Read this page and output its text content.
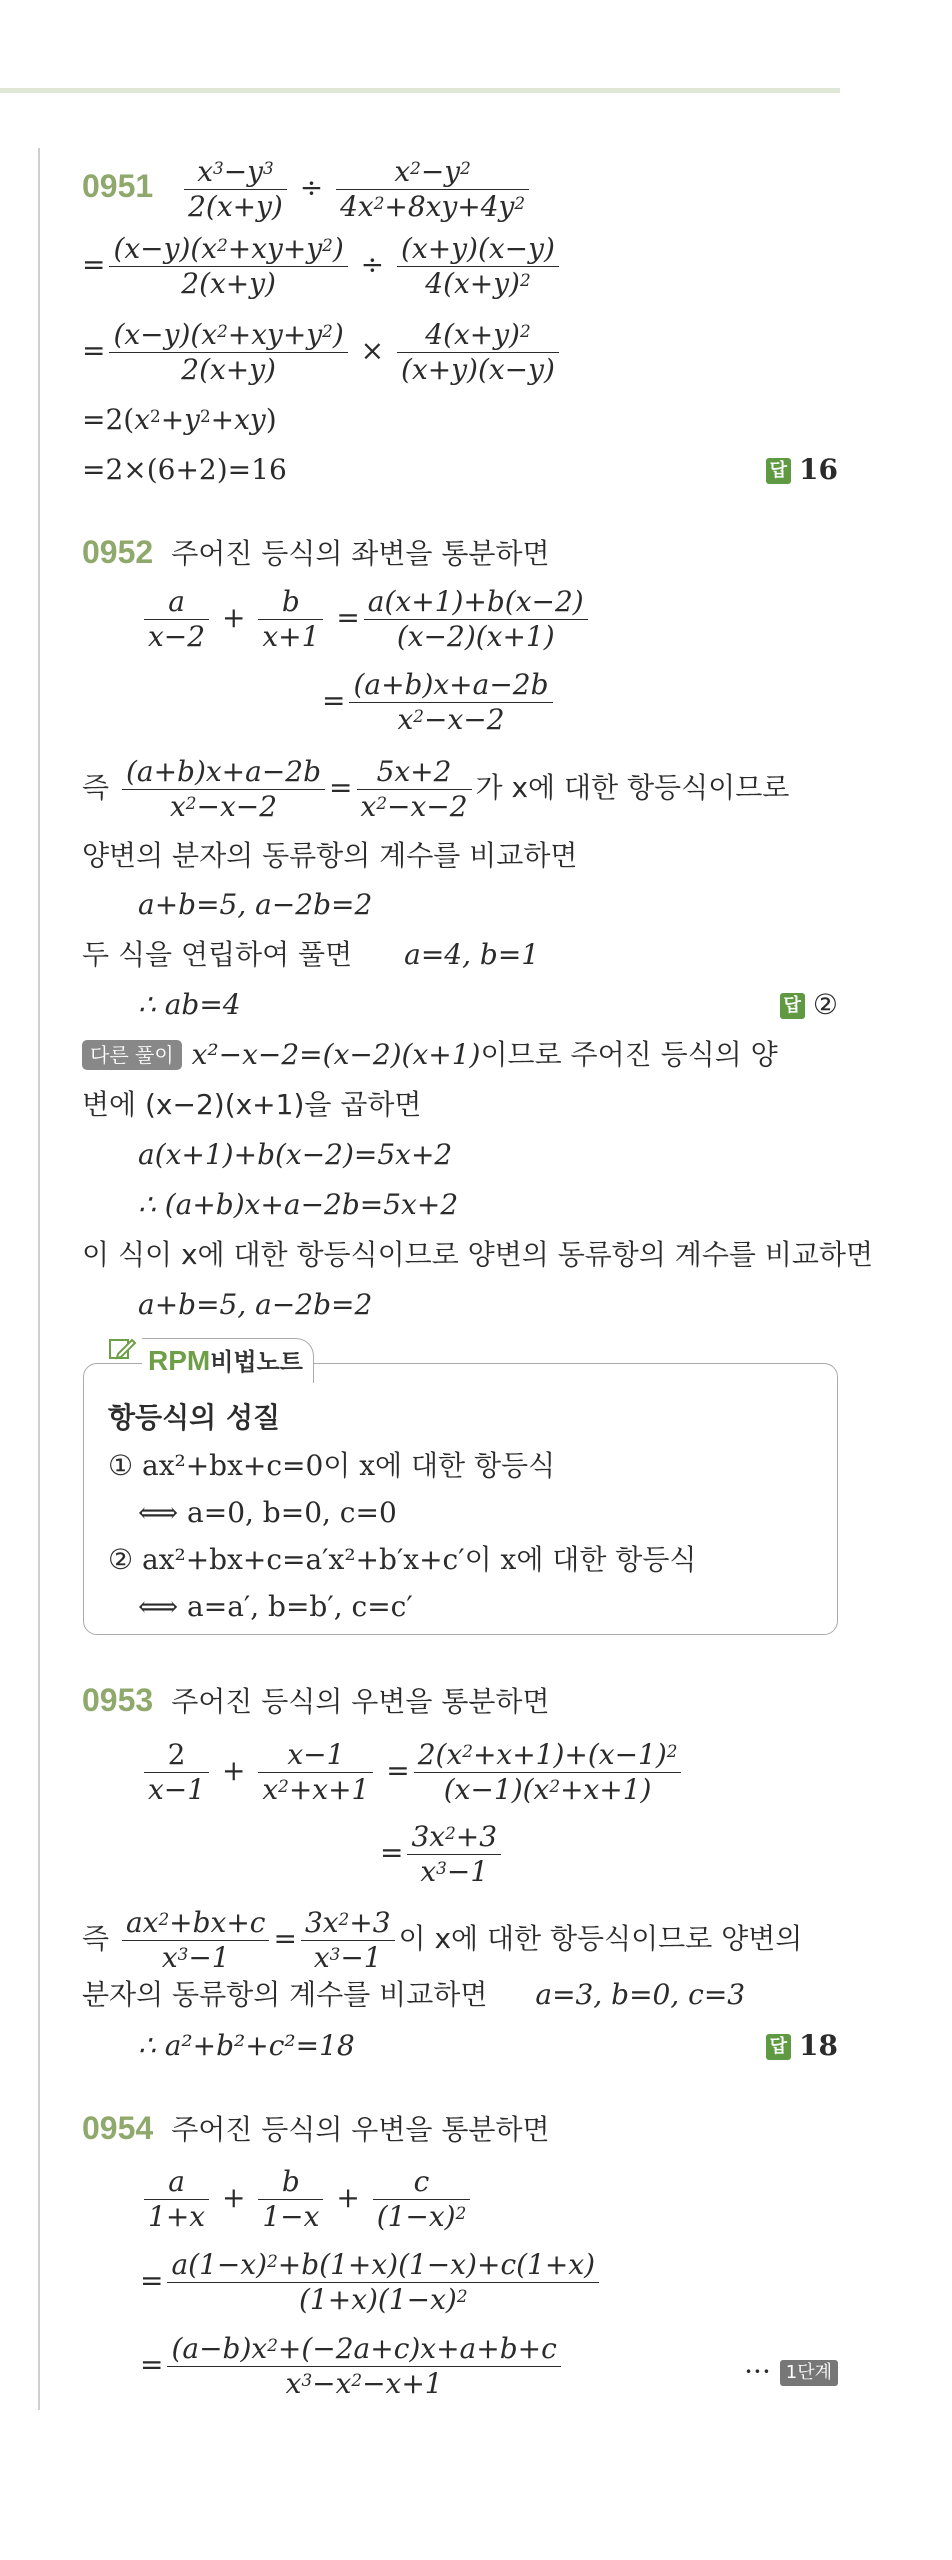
$0951 \frac{x^3-y^3}{2(x+y)} \div \frac{x^2-y^2}{4x^2+8xy+4y^2}$
= $\frac{(x-y)(x^2+xy+y^2)}{2(x+y)} \div \frac{(x+y)(x-y)}{4(x+y)^2}$
= $\frac{(x-y)(x^2+xy+y^2)}{2(x+y)} \times \frac{4(x+y)^2}{(x+y)(x-y)}$
$=2(x^2+y^2+xy)$
=2×(6+2)=16	답 16
0952 주어진 등식의 좌변을 통분하면
$\frac{a}{x-2} + \frac{b}{x+1} = \frac{a(x+1)+b(x-2)}{(x-2)(x+1)}$
= $\frac{(a+b)x+a-2b}{x^2-x-2}$
즉 $\frac{(a+b)x+a-2b}{x^2-x-2} = \frac{5x+2}{x^2-x-2}$ 가 x에 대한 항등식이므로
양변의 분자의 동류항의 계수를 비교하면
a+b=5, a−2b=2
두 식을 연립하여 풀면 a=4, b=1
∴ ab=4	답 ②
다른 풀이 x²−x−2=(x−2)(x+1)이므로 주어진 등식의 양
변에 (x−2)(x+1)을 곱하면
a(x+1)+b(x−2)=5x+2
∴ (a+b)x+a−2b=5x+2
이 식이 x에 대한 항등식이므로 양변의 동류항의 계수를 비교하면
a+b=5, a−2b=2
RPM비법노트
항등식의 성질
① ax²+bx+c=0이 x에 대한 항등식
⟺ a=0, b=0, c=0
② ax²+bx+c=a′x²+b′x+c′이 x에 대한 항등식
⟺ a=a′, b=b′, c=c′
0953 주어진 등식의 우변을 통분하면
$\frac{2}{x-1} + \frac{x-1}{x^2+x+1} = \frac{2(x^2+x+1)+(x-1)^2}{(x-1)(x^2+x+1)}$
= $\frac{3x^2+3}{x^3-1}$
즉 $\frac{ax^2+bx+c}{x^3-1} = \frac{3x^2+3}{x^3-1}$ 이 x에 대한 항등식이므로 양변의
분자의 동류항의 계수를 비교하면 a=3, b=0, c=3
∴ a²+b²+c²=18	답 18
0954 주어진 등식의 우변을 통분하면
$\frac{a}{1+x} + \frac{b}{1-x} + \frac{c}{(1-x)^2}$
= $\frac{a(1-x)^2+b(1+x)(1-x)+c(1+x)}{(1+x)(1-x)^2}$
= $\frac{(a-b)x^2+(-2a+c)x+a+b+c}{x^3-x^2-x+1}$	··· 1단계
